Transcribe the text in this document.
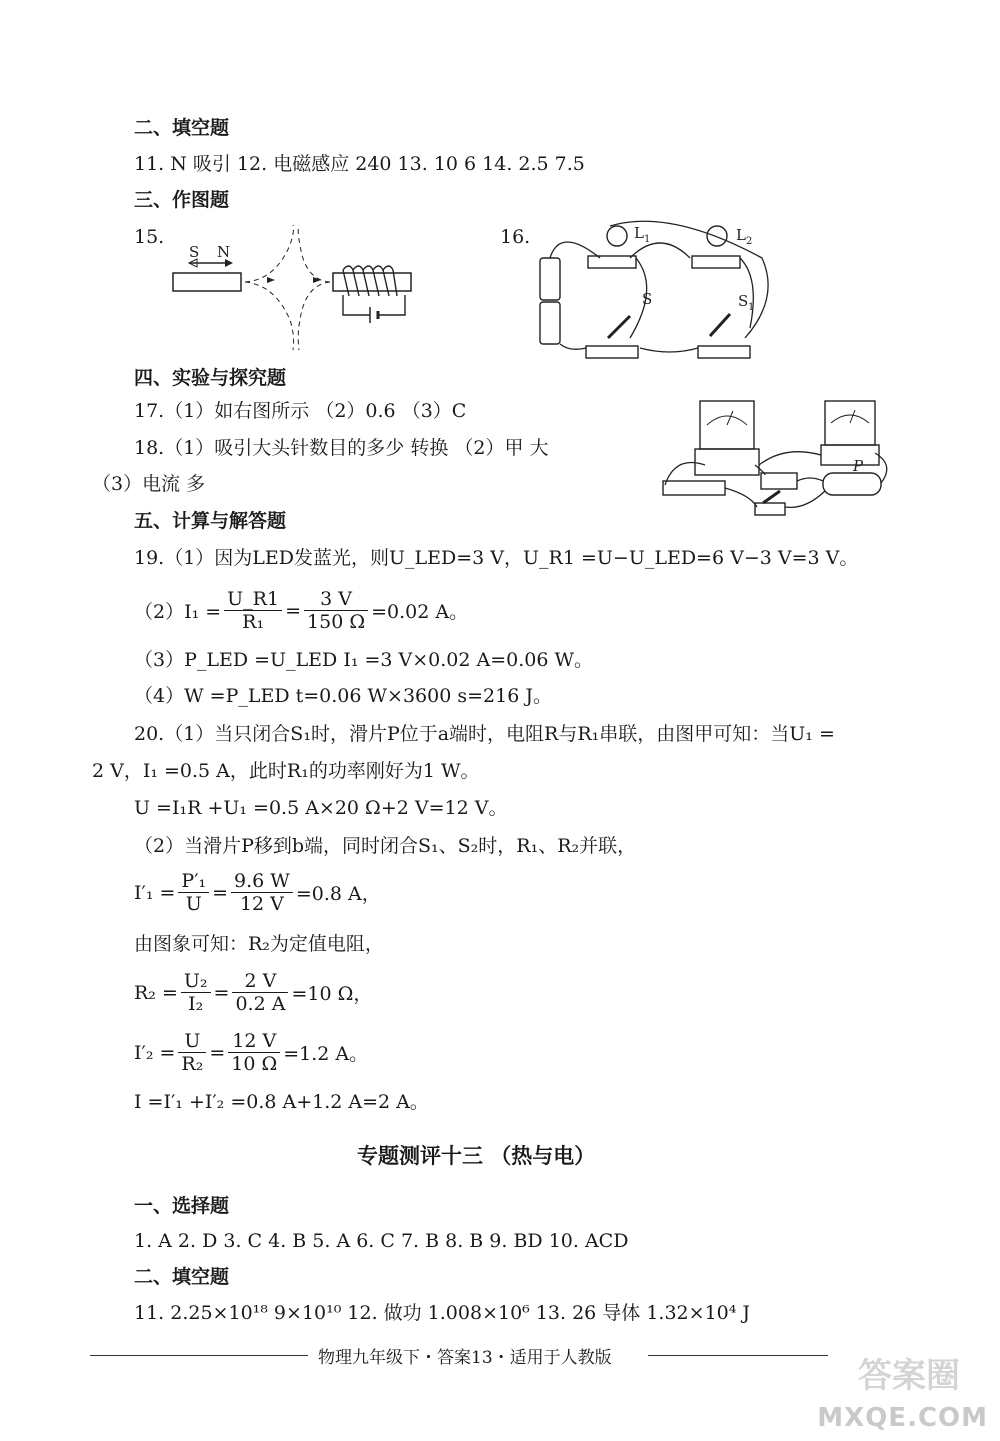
二、填空题
11. N 吸引 12. 电磁感应 240 13. 10 6 14. 2.5 7.5
三、作图题
15.	16.
S N
L 1	L 2
S	S 1
四、实验与探究题
17.（1）如右图所示 （2）0.6 （3）C
18.（1）吸引大头针数目的多少 转换 （2）甲 大
（3）电流 多
P
五、计算与解答题
19.（1）因为LED发蓝光，则U_LED=3 V，U_R1 =U−U_LED=6 V−3 V=3 V。
$(2)I_1 = \frac{U\_R1}{\text{R₁}} = \frac{3 V}{150 \Omega} =0.02$ A。
（3）P_LED =U_LED I₁ =3 V×0.02 A=0.06 W。
（4）W =P_LED t=0.06 W×3600 s=216 J。
20.（1）当只闭合S₁时，滑片P位于a端时，电阻R与R₁串联，由图甲可知：当U₁ =
2 V，I₁ =0.5 A，此时R₁的功率刚好为1 W。
U =I₁R +U₁ =0.5 A×20 Ω+2 V=12 V。
（2）当滑片P移到b端，同时闭合S₁、S₂时，R₁、R₂并联，
$I'_1 = \frac{\text{P′₁}}{U} = \frac{9.6 W}{12 V} =0.8$ A，
由图象可知：R₂为定值电阻，
$R_2 = \frac{\text{U₂}}{\text{I₂}} = \frac{2 V}{0.2 A} =10$ Ω，
$I'_2 = \frac{U}{\text{R₂}} = \frac{12 V}{10 \Omega} =1.2$ A。
I =I′₁ +I′₂ =0.8 A+1.2 A=2 A。
专题测评十三 （热与电）
一、选择题
1. A 2. D 3. C 4. B 5. A 6. C 7. B 8. B 9. BD 10. ACD
二、填空题
11. 2.25×10¹⁸ 9×10¹⁰ 12. 做功 1.008×10⁶ 13. 26 导体 1.32×10⁴ J
物理九年级下・答案13・适用于人教版	答案圈
MXQE.COM
